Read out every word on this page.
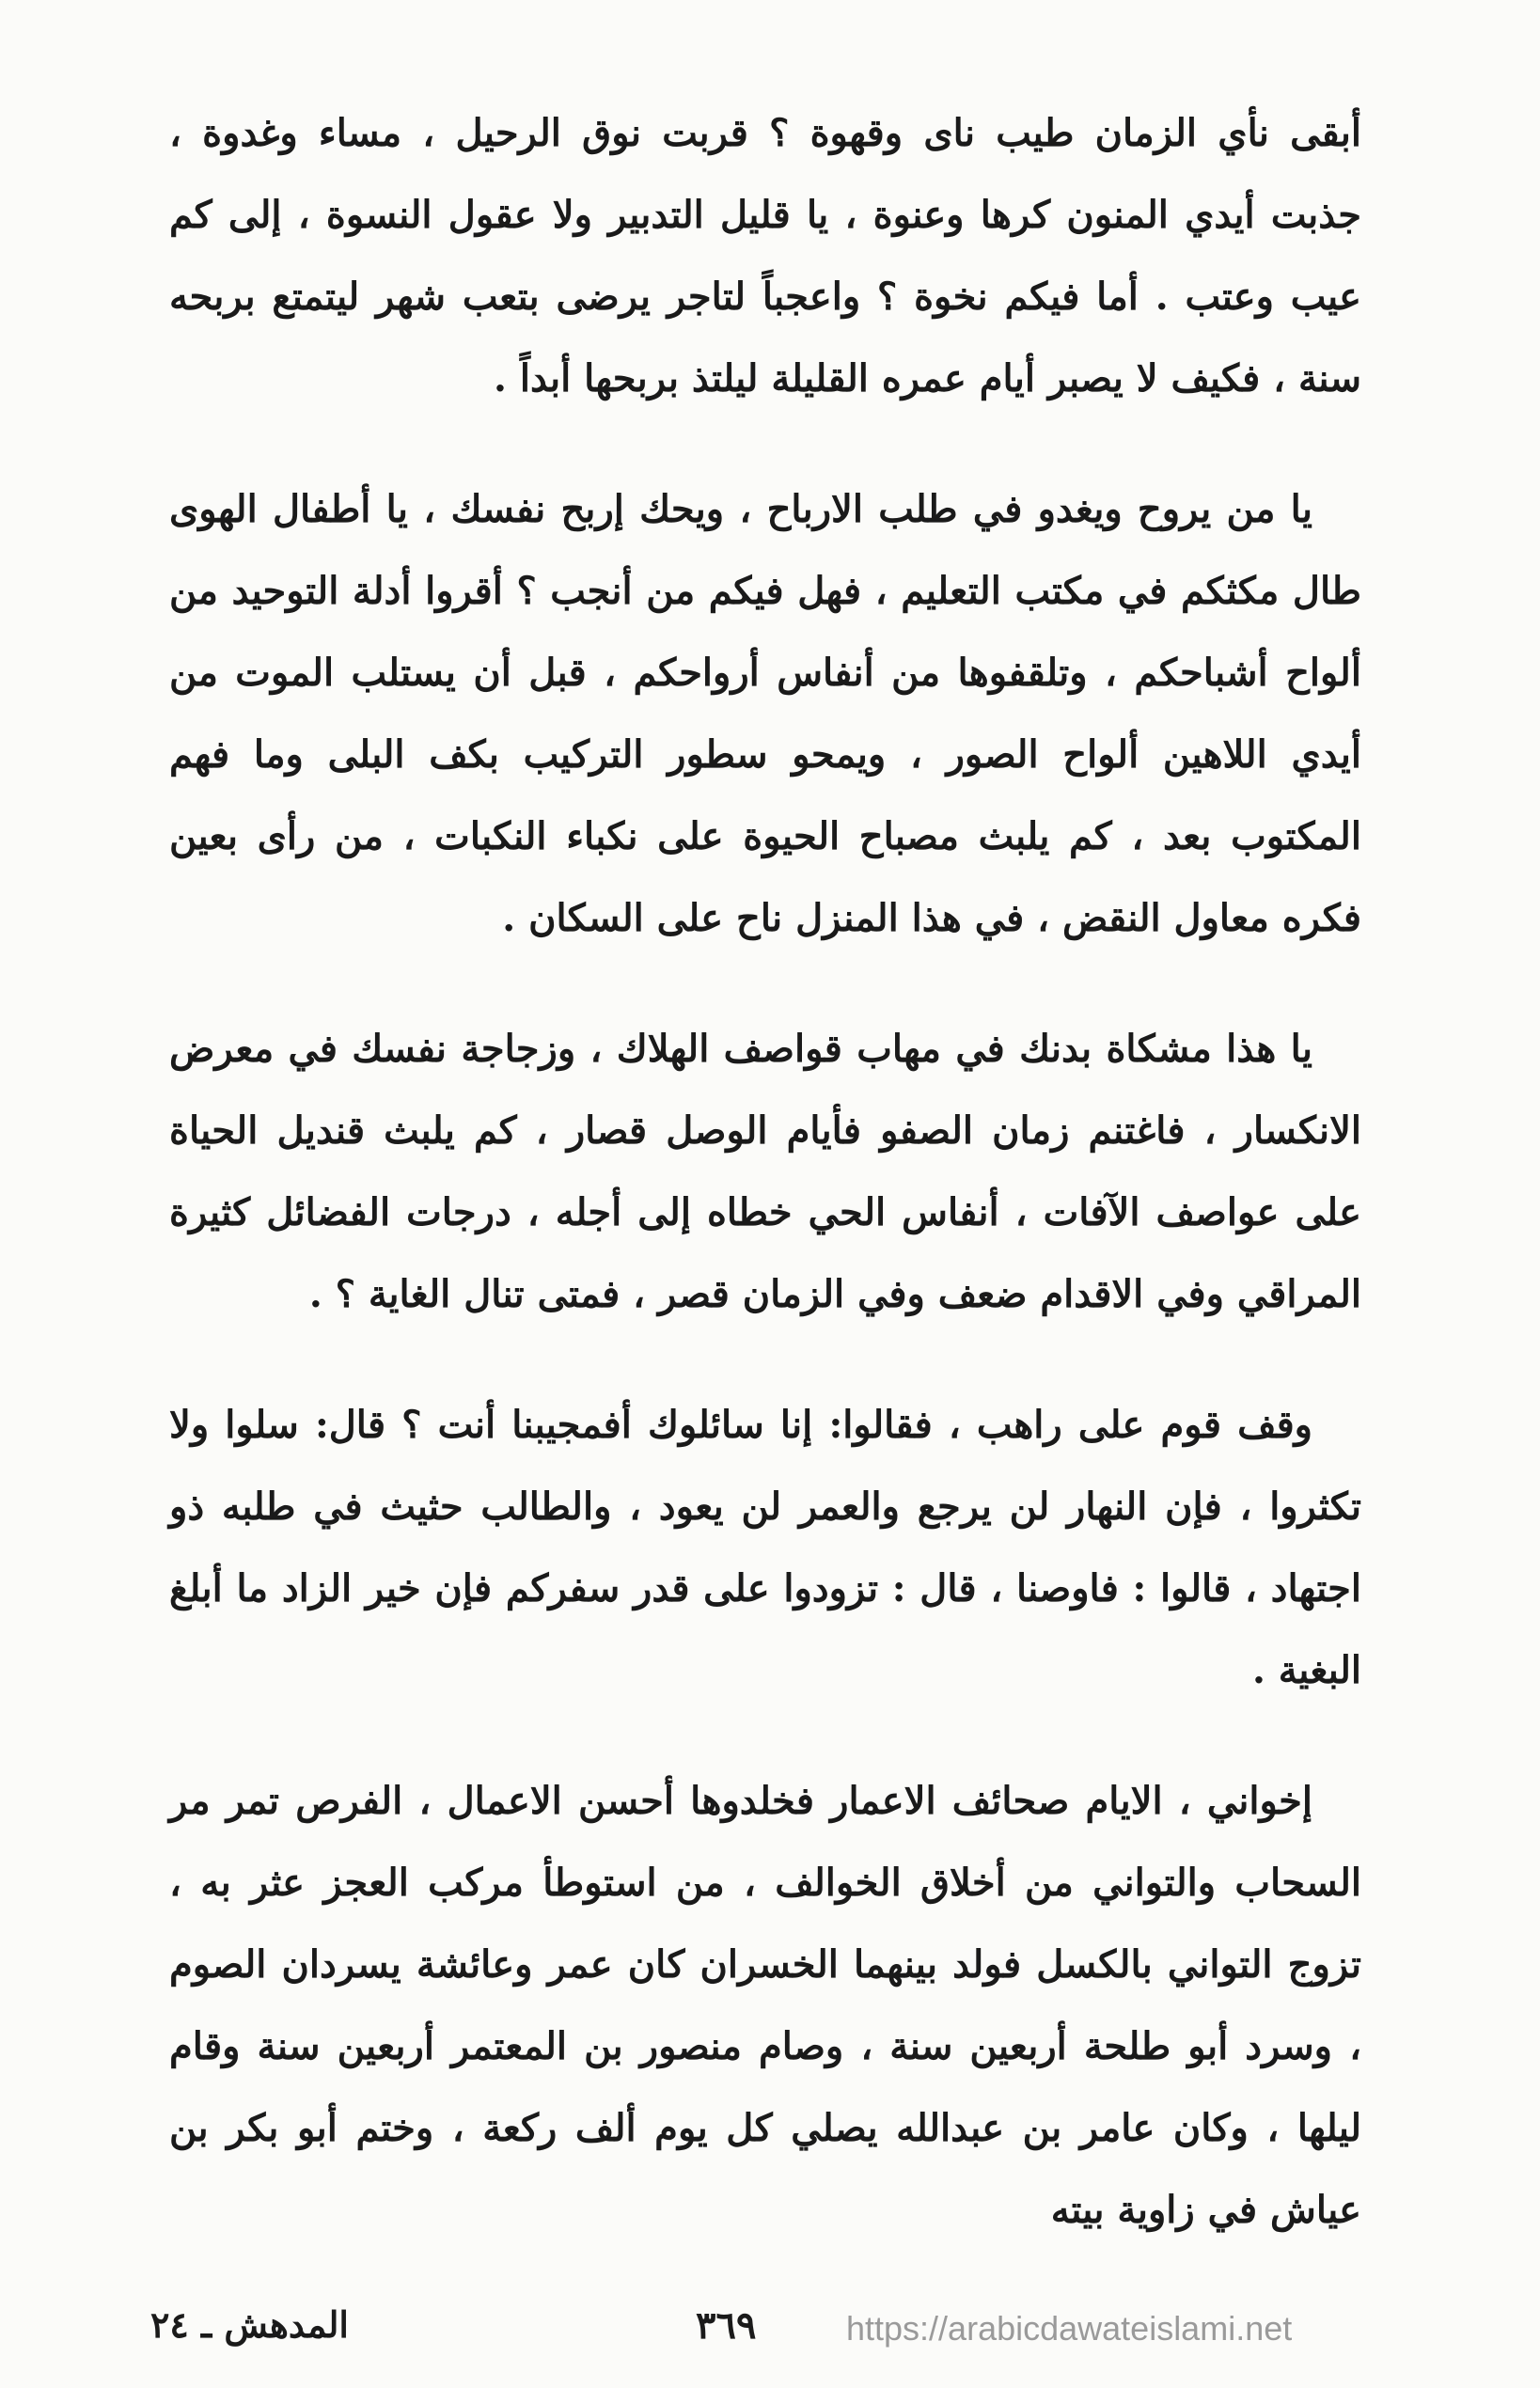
أبقى نأي الزمان طيب ناى وقهوة ؟ قربت نوق الرحيل ، مساء وغدوة ، جذبت أيدي المنون كرها وعنوة ، يا قليل التدبير ولا عقول النسوة ، إلى كم عيب وعتب . أما فيكم نخوة ؟ واعجباً لتاجر يرضى بتعب شهر ليتمتع بربحه سنة ، فكيف لا يصبر أيام عمره القليلة ليلتذ بربحها أبداً .

يا من يروح ويغدو في طلب الارباح ، ويحك إربح نفسك ، يا أطفال الهوى طال مكثكم في مكتب التعليم ، فهل فيكم من أنجب ؟ أقروا أدلة التوحيد من ألواح أشباحكم ، وتلقفوها من أنفاس أرواحكم ، قبل أن يستلب الموت من أيدي اللاهين ألواح الصور ، ويمحو سطور التركيب بكف البلى وما فهم المكتوب بعد ، كم يلبث مصباح الحيوة على نكباء النكبات ، من رأى بعين فكره معاول النقض ، في هذا المنزل ناح على السكان .

يا هذا مشكاة بدنك في مهاب قواصف الهلاك ، وزجاجة نفسك في معرض الانكسار ، فاغتنم زمان الصفو فأيام الوصل قصار ، كم يلبث قنديل الحياة على عواصف الآفات ، أنفاس الحي خطاه إلى أجله ، درجات الفضائل كثيرة المراقي وفي الاقدام ضعف وفي الزمان قصر ، فمتى تنال الغاية ؟ .

وقف قوم على راهب ، فقالوا: إنا سائلوك أفمجيبنا أنت ؟ قال: سلوا ولا تكثروا ، فإن النهار لن يرجع والعمر لن يعود ، والطالب حثيث في طلبه ذو اجتهاد ، قالوا : فاوصنا ، قال : تزودوا على قدر سفركم فإن خير الزاد ما أبلغ البغية .

إخواني ، الايام صحائف الاعمار فخلدوها أحسن الاعمال ، الفرص تمر مر السحاب والتواني من أخلاق الخوالف ، من استوطأ مركب العجز عثر به ، تزوج التواني بالكسل فولد بينهما الخسران كان عمر وعائشة يسردان الصوم ، وسرد أبو طلحة أربعين سنة ، وصام منصور بن المعتمر أربعين سنة وقام ليلها ، وكان عامر بن عبدالله يصلي كل يوم ألف ركعة ، وختم أبو بكر بن عياش في زاوية بيته

المدهش ـ ٢٤	٣٦٩	https://arabicdawateislami.net
